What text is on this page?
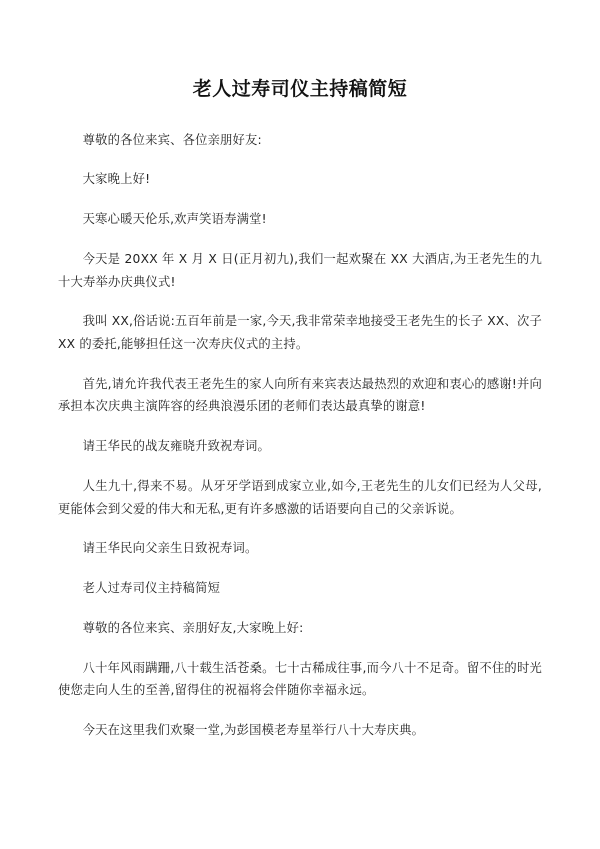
老人过寿司仪主持稿简短

尊敬的各位来宾、各位亲朋好友:

大家晚上好!

天寒心暖天伦乐,欢声笑语寿满堂!

今天是 20XX 年 X 月 X 日(正月初九),我们一起欢聚在 XX 大酒店,为王老先生的九十大寿举办庆典仪式!

我叫 XX,俗话说:五百年前是一家,今天,我非常荣幸地接受王老先生的长子 XX、次子 XX 的委托,能够担任这一次寿庆仪式的主持。

首先,请允许我代表王老先生的家人向所有来宾表达最热烈的欢迎和衷心的感谢!并向承担本次庆典主演阵容的经典浪漫乐团的老师们表达最真挚的谢意!

请王华民的战友雍晓升致祝寿词。

人生九十,得来不易。从牙牙学语到成家立业,如今,王老先生的儿女们已经为人父母,更能体会到父爱的伟大和无私,更有许多感激的话语要向自己的父亲诉说。

请王华民向父亲生日致祝寿词。

老人过寿司仪主持稿简短

尊敬的各位来宾、亲朋好友,大家晚上好:

八十年风雨蹒跚,八十载生活苍桑。七十古稀成往事,而今八十不足奇。留不住的时光使您走向人生的至善,留得住的祝福将会伴随你幸福永远。

今天在这里我们欢聚一堂,为彭国模老寿星举行八十大寿庆典。
